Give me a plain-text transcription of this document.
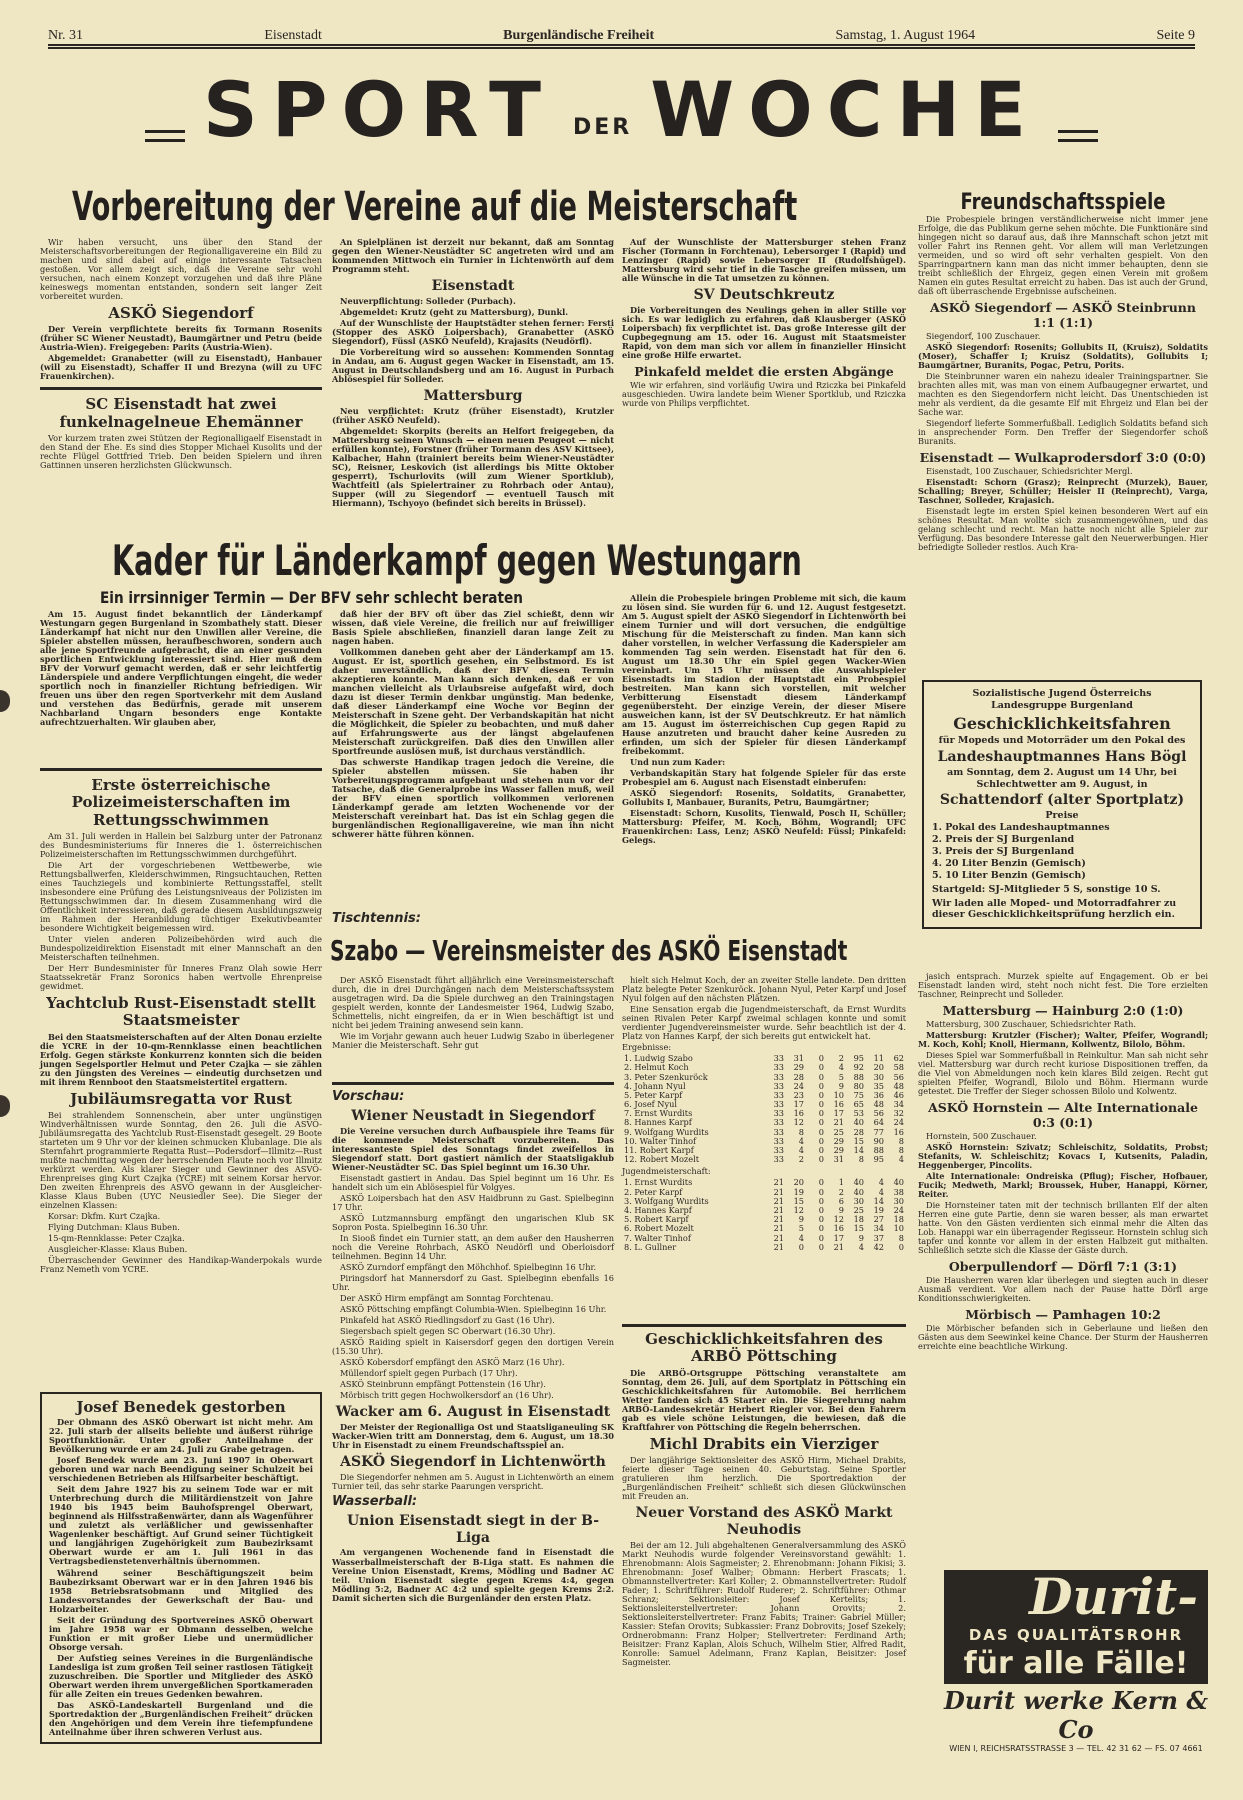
Nr. 31	Eisenstadt	Burgenländische Freiheit	Samstag, 1. August 1964	Seite 9
SPORT DER WOCHE
Vorbereitung der Vereine auf die Meisterschaft

Wir haben versucht, uns über den Stand der Meisterschaftsvorbereitungen der Regionalligavereine ein Bild zu machen und sind dabei auf einige interessante Tatsachen gestoßen. Vor allem zeigt sich, daß die Vereine sehr wohl versuchen, nach einem Konzept vorzugehen und daß ihre Pläne keineswegs momentan entstanden, sondern seit langer Zeit vorbereitet wurden.

ASKÖ Siegendorf

Der Verein verpflichtete bereits fix Tormann Rosenits (früher SC Wiener Neustadt), Baumgärtner und Petru (beide Austria-Wien). Freigegeben: Parits (Austria-Wien).

Abgemeldet: Granabetter (will zu Eisenstadt), Hanbauer (will zu Eisenstadt), Schaffer II und Brezyna (will zu UFC Frauenkirchen).

SC Eisenstadt hat zwei funkelnagelneue Ehemänner

Vor kurzem traten zwei Stützen der Regionalligaelf Eisenstadt in den Stand der Ehe. Es sind dies Stopper Michael Kusolits und der rechte Flügel Gottfried Trieb. Den beiden Spielern und ihren Gattinnen unseren herzlichsten Glückwunsch.

An Spielplänen ist derzeit nur bekannt, daß am Sonntag gegen den Wiener-Neustädter SC angetreten wird und am kommenden Mittwoch ein Turnier in Lichtenwörth auf dem Programm steht.

Eisenstadt

Neuverpflichtung: Solleder (Purbach).

Abgemeldet: Krutz (geht zu Mattersburg), Dunkl.

Auf der Wunschliste der Hauptstädter stehen ferner: Fersti (Stopper des ASKÖ Loipersbach), Granabetter (ASKÖ Siegendorf), Füssl (ASKÖ Neufeld), Krajasits (Neudörfl).

Die Vorbereitung wird so aussehen: Kommenden Sonntag in Andau, am 6. August gegen Wacker in Eisenstadt, am 15. August in Deutschlandsberg und am 16. August in Purbach Ablösespiel für Solleder.

Mattersburg

Neu verpflichtet: Krutz (früher Eisenstadt), Krutzler (früher ASKÖ Neufeld).

Abgemeldet: Skorpits (bereits an Helfort freigegeben, da Mattersburg seinen Wunsch — einen neuen Peugeot — nicht erfüllen konnte), Forstner (früher Tormann des ASV Kittsee), Kalbacher, Hahn (trainiert bereits beim Wiener-Neustädter SC), Reisner, Leskovich (ist allerdings bis Mitte Oktober gesperrt), Tschurlovits (will zum Wiener Sportklub), Wachtfeitl (als Spielertrainer zu Rohrbach oder Antau), Supper (will zu Siegendorf — eventuell Tausch mit Hiermann), Tschyoyo (befindet sich bereits in Brüssel).

Auf der Wunschliste der Mattersburger stehen Franz Fischer (Tormann in Forchtenau), Lebersorger I (Rapid) und Lenzinger (Rapid) sowie Lebersorger II (Rudolfshügel). Mattersburg wird sehr tief in die Tasche greifen müssen, um alle Wünsche in die Tat umsetzen zu können.

SV Deutschkreutz

Die Vorbereitungen des Neulings gehen in aller Stille vor sich. Es war lediglich zu erfahren, daß Klausberger (ASKÖ Loipersbach) fix verpflichtet ist. Das große Interesse gilt der Cupbegegnung am 15. oder 16. August mit Staatsmeister Rapid, von dem man sich vor allem in finanzieller Hinsicht eine große Hilfe erwartet.

Pinkafeld meldet die ersten Abgänge

Wie wir erfahren, sind vorläufig Uwira und Rziczka bei Pinkafeld ausgeschieden. Uwira landete beim Wiener Sportklub, und Rziczka wurde von Philips verpflichtet.

Kader für Länderkampf gegen Westungarn
Ein irrsinniger Termin — Der BFV sehr schlecht beraten

Am 15. August findet bekanntlich der Länderkampf Westungarn gegen Burgenland in Szombathely statt. Dieser Länderkampf hat nicht nur den Unwillen aller Vereine, die Spieler abstellen müssen, heraufbeschworen, sondern auch alle jene Sportfreunde aufgebracht, die an einer gesunden sportlichen Entwicklung interessiert sind. Hier muß dem BFV der Vorwurf gemacht werden, daß er sehr leichtfertig Länderspiele und andere Verpflichtungen eingeht, die weder sportlich noch in finanzieller Richtung befriedigen. Wir freuen uns über den regen Sportverkehr mit dem Ausland und verstehen das Bedürfnis, gerade mit unserem Nachbarland Ungarn besonders enge Kontakte aufrechtzuerhalten. Wir glauben aber,

daß hier der BFV oft über das Ziel schießt, denn wir wissen, daß viele Vereine, die freilich nur auf freiwilliger Basis Spiele abschließen, finanziell daran lange Zeit zu nagen haben.

Vollkommen daneben geht aber der Länderkampf am 15. August. Er ist, sportlich gesehen, ein Selbstmord. Es ist daher unverständlich, daß der BFV diesen Termin akzeptieren konnte. Man kann sich denken, daß er von manchen vielleicht als Urlaubsreise aufgefaßt wird, doch dazu ist dieser Termin denkbar ungünstig. Man bedenke, daß dieser Länderkampf eine Woche vor Beginn der Meisterschaft in Szene geht. Der Verbandskapitän hat nicht die Möglichkeit, die Spieler zu beobachten, und muß daher auf Erfahrungswerte aus der längst abgelaufenen Meisterschaft zurückgreifen. Daß dies den Unwillen aller Sportfreunde auslösen muß, ist durchaus verständlich.

Das schwerste Handikap tragen jedoch die Vereine, die Spieler abstellen müssen. Sie haben ihr Vorbereitungsprogramm aufgebaut und stehen nun vor der Tatsache, daß die Generalprobe ins Wasser fallen muß, weil der BFV einen sportlich vollkommen verlorenen Länderkampf gerade am letzten Wochenende vor der Meisterschaft vereinbart hat. Das ist ein Schlag gegen die burgenländischen Regionalligavereine, wie man ihn nicht schwerer hätte führen können.

Allein die Probespiele bringen Probleme mit sich, die kaum zu lösen sind. Sie wurden für 6. und 12. August festgesetzt. Am 5. August spielt der ASKÖ Siegendorf in Lichtenwörth bei einem Turnier und will dort versuchen, die endgültige Mischung für die Meisterschaft zu finden. Man kann sich daher vorstellen, in welcher Verfassung die Kaderspieler am kommenden Tag sein werden. Eisenstadt hat für den 6. August um 18.30 Uhr ein Spiel gegen Wacker-Wien vereinbart. Um 15 Uhr müssen die Auswahlspieler Eisenstadts im Stadion der Hauptstadt ein Probespiel bestreiten. Man kann sich vorstellen, mit welcher Verbitterung Eisenstadt diesem Länderkampf gegenübersteht. Der einzige Verein, der dieser Misere ausweichen kann, ist der SV Deutschkreutz. Er hat nämlich am 15. August im österreichischen Cup gegen Rapid zu Hause anzutreten und braucht daher keine Ausreden zu erfinden, um sich der Spieler für diesen Länderkampf freibekommt.

Und nun zum Kader:

Verbandskapitän Stary hat folgende Spieler für das erste Probespiel am 6. August nach Eisenstadt einberufen:

ASKÖ Siegendorf: Rosenits, Soldatits, Granabetter, Gollubits I, Manbauer, Buranits, Petru, Baumgärtner;

Eisenstadt: Schorn, Kusolits, Tienwald, Posch II, Schüller; Mattersburg: Pfeifer, M. Koch, Böhm, Wograndl; UFC Frauenkirchen: Lass, Lenz; ASKÖ Neufeld: Füssl; Pinkafeld: Gelegs.

Erste österreichische Polizeimeisterschaften im Rettungsschwimmen

Am 31. Juli werden in Hallein bei Salzburg unter der Patronanz des Bundesministeriums für Inneres die 1. österreichischen Polizeimeisterschaften im Rettungsschwimmen durchgeführt.

Die Art der vorgeschriebenen Wettbewerbe, wie Rettungsballwerfen, Kleiderschwimmen, Ringsuchtauchen, Retten eines Tauchziegels und kombinierte Rettungsstaffel, stellt insbesondere eine Prüfung des Leistungsniveaus der Polizisten im Rettungsschwimmen dar. In diesem Zusammenhang wird die Öffentlichkeit interessieren, daß gerade diesem Ausbildungszweig im Rahmen der Heranbildung tüchtiger Exekutivbeamter besondere Wichtigkeit beigemessen wird.

Unter vielen anderen Polizeibehörden wird auch die Bundespolizeidirektion Eisenstadt mit einer Mannschaft an den Meisterschaften teilnehmen.

Der Herr Bundesminister für Inneres Franz Olah sowie Herr Staatssekretär Franz Soronics haben wertvolle Ehrenpreise gewidmet.

Yachtclub Rust-Eisenstadt stellt Staatsmeister

Bei den Staatsmeisterschaften auf der Alten Donau erzielte die YCRE in der 10-qm-Rennklasse einen beachtlichen Erfolg. Gegen stärkste Konkurrenz konnten sich die beiden jungen Segelsportler Helmut und Peter Czajka — sie zählen zu den Jüngsten des Vereines — eindeutig durchsetzen und mit ihrem Rennboot den Staatsmeistertitel ergattern.

Jubiläumsregatta vor Rust

Bei strahlendem Sonnenschein, aber unter ungünstigen Windverhältnissen wurde Sonntag, den 26. Juli die ASVÖ-Jubiläumsregatta des Yachtclub Rust-Eisenstadt gesegelt. 29 Boote starteten um 9 Uhr vor der kleinen schmucken Klubanlage. Die als Sternfahrt programmierte Regatta Rust—Podersdorf—Illmitz—Rust mußte nachmittag wegen der herrschenden Flaute noch vor Illmitz verkürzt werden. Als klarer Sieger und Gewinner des ASVÖ-Ehrenpreises ging Kurt Czajka (YCRE) mit seinem Korsar hervor. Den zweiten Ehrenpreis des ASVÖ gewann in der Ausgleicher-Klasse Klaus Buben (UYC Neusiedler See). Die Sieger der einzelnen Klassen:

Korsar: Dkfm. Kurt Czajka.

Flying Dutchman: Klaus Buben.

15-qm-Rennklasse: Peter Czajka.

Ausgleicher-Klasse: Klaus Buben.

Überraschender Gewinner des Handikap-Wanderpokals wurde Franz Nemeth vom YCRE.

Josef Benedek gestorben

Der Obmann des ASKÖ Oberwart ist nicht mehr. Am 22. Juli starb der allseits beliebte und äußerst rührige Sportfunktionär. Unter großer Anteilnahme der Bevölkerung wurde er am 24. Juli zu Grabe getragen.

Josef Benedek wurde am 23. Juni 1907 in Oberwart geboren und war nach Beendigung seiner Schulzeit bei verschiedenen Betrieben als Hilfsarbeiter beschäftigt.

Seit dem Jahre 1927 bis zu seinem Tode war er mit Unterbrechung durch die Militärdienstzeit von Jahre 1940 bis 1945 beim Bauhofsprengel Oberwart, beginnend als Hilfsstraßenwärter, dann als Wagenführer und zuletzt als verläßlicher und gewissenhafter Wagenlenker beschäftigt. Auf Grund seiner Tüchtigkeit und langjährigen Zugehörigkeit zum Baubezirksamt Oberwart wurde er am 1. Juli 1961 in das Vertragsbedienstetenverhältnis übernommen.

Während seiner Beschäftigungszeit beim Baubezirksamt Oberwart war er in den Jahren 1946 bis 1958 Betriebsratsobmann und Mitglied des Landesvorstandes der Gewerkschaft der Bau- und Holzarbeiter.

Seit der Gründung des Sportvereines ASKÖ Oberwart im Jahre 1958 war er Obmann desselben, welche Funktion er mit großer Liebe und unermüdlicher Obsorge versah.

Der Aufstieg seines Vereines in die Burgenländische Landesliga ist zum großen Teil seiner rastlosen Tätigkeit zuzuschreiben. Die Sportler und Mitglieder des ASKÖ Oberwart werden ihrem unvergeßlichen Sportkameraden für alle Zeiten ein treues Gedenken bewahren.

Das ASKÖ-Landeskartell Burgenland und die Sportredaktion der „Burgenländischen Freiheit“ drücken den Angehörigen und dem Verein ihre tiefempfundene Anteilnahme über ihren schweren Verlust aus.

Tischtennis:
Szabo — Vereinsmeister des ASKÖ Eisenstadt

Der ASKÖ Eisenstadt führt alljährlich eine Vereinsmeisterschaft durch, die in drei Durchgängen nach dem Meisterschaftssystem ausgetragen wird. Da die Spiele durchweg an den Trainingstagen gespielt werden, konnte der Landesmeister 1964, Ludwig Szabo, Schmettelis, nicht eingreifen, da er in Wien beschäftigt ist und nicht bei jedem Training anwesend sein kann.

Wie im Vorjahr gewann auch heuer Ludwig Szabo in überlegener Manier die Meisterschaft. Sehr gut

hielt sich Helmut Koch, der an zweiter Stelle landete. Den dritten Platz belegte Peter Szenkuröck. Johann Nyul, Peter Karpf und Josef Nyul folgen auf den nächsten Plätzen.

Eine Sensation ergab die Jugendmeisterschaft, da Ernst Wurdits seinen Rivalen Peter Karpf zweimal schlagen konnte und somit verdienter Jugendvereinsmeister wurde. Sehr beachtlich ist der 4. Platz von Hannes Karpf, der sich bereits gut entwickelt hat.

Ergebnisse:

1. Ludwig Szabo	33	31	0	2	95	11	62
2. Helmut Koch	33	29	0	4	92	20	58
3. Peter Szenkuröck	33	28	0	5	88	30	56
4. Johann Nyul	33	24	0	9	80	35	48
5. Peter Karpf	33	23	0	10	75	36	46
6. Josef Nyul	33	17	0	16	65	48	34
7. Ernst Wurdits	33	16	0	17	53	56	32
8. Hannes Karpf	33	12	0	21	40	64	24
9. Wolfgang Wurdits	33	8	0	25	28	77	16
10. Walter Tinhof	33	4	0	29	15	90	8
11. Robert Karpf	33	4	0	29	14	88	8
12. Robert Mozelt	33	2	0	31	8	95	4

Jugendmeisterschaft:

1. Ernst Wurdits	21	20	0	1	40	4	40
2. Peter Karpf	21	19	0	2	40	4	38
3. Wolfgang Wurdits	21	15	0	6	30	14	30
4. Hannes Karpf	21	12	0	9	25	19	24
5. Robert Karpf	21	9	0	12	18	27	18
6. Robert Mozelt	21	5	0	16	15	34	10
7. Walter Tinhof	21	4	0	17	9	37	8
8. L. Gullner	21	0	0	21	4	42	0
Vorschau:
Wiener Neustadt in Siegendorf

Die Vereine versuchen durch Aufbauspiele ihre Teams für die kommende Meisterschaft vorzubereiten. Das interessanteste Spiel des Sonntags findet zweifellos in Siegendorf statt. Dort gastiert nämlich der Staatsligaklub Wiener-Neustädter SC. Das Spiel beginnt um 16.30 Uhr.

Eisenstadt gastiert in Andau. Das Spiel beginnt um 16 Uhr. Es handelt sich um ein Ablösespiel für Volgyes.

ASKÖ Loipersbach hat den ASV Haidbrunn zu Gast. Spielbeginn 17 Uhr.

ASKÖ Lutzmannsburg empfängt den ungarischen Klub SK Sopron Posta. Spielbeginn 16.30 Uhr.

In Siooß findet ein Turnier statt, an dem außer den Hausherren noch die Vereine Rohrbach, ASKÖ Neudörfl und Oberloisdorf teilnehmen. Beginn 14 Uhr.

ASKÖ Zurndorf empfängt den Möhchhof. Spielbeginn 16 Uhr.

Piringsdorf hat Mannersdorf zu Gast. Spielbeginn ebenfalls 16 Uhr.

Der ASKÖ Hirm empfängt am Sonntag Forchtenau.

ASKÖ Pöttsching empfängt Columbia-Wien. Spielbeginn 16 Uhr.

Pinkafeld hat ASKÖ Riedlingsdorf zu Gast (16 Uhr).

Siegersbach spielt gegen SC Oberwart (16.30 Uhr).

ASKÖ Raiding spielt in Kaisersdorf gegen den dortigen Verein (15.30 Uhr).

ASKÖ Kobersdorf empfängt den ASKÖ Marz (16 Uhr).

Müllendorf spielt gegen Purbach (17 Uhr).

ASKÖ Steinbrunn empfängt Pottenstein (16 Uhr).

Mörbisch tritt gegen Hochwolkersdorf an (16 Uhr).

Wacker am 6. August in Eisenstadt

Der Meister der Regionalliga Ost und Staatsliganeuling SK Wacker-Wien tritt am Donnerstag, dem 6. August, um 18.30 Uhr in Eisenstadt zu einem Freundschaftsspiel an.

ASKÖ Siegendorf in Lichtenwörth

Die Siegendorfer nehmen am 5. August in Lichtenwörth an einem Turnier teil, das sehr starke Paarungen verspricht.

Wasserball:
Union Eisenstadt siegt in der B-Liga

Am vergangenen Wochenende fand in Eisenstadt die Wasserballmeisterschaft der B-Liga statt. Es nahmen die Vereine Union Eisenstadt, Krems, Mödling und Badner AC teil. Union Eisenstadt siegte gegen Krems 4:4, gegen Mödling 5:2, Badner AC 4:2 und spielte gegen Krems 2:2. Damit sicherten sich die Burgenländer den ersten Platz.

Geschicklichkeitsfahren des ARBÖ Pöttsching

Die ARBÖ-Ortsgruppe Pöttsching veranstaltete am Sonntag, dem 26. Juli, auf dem Sportplatz in Pöttsching ein Geschicklichkeitsfahren für Automobile. Bei herrlichem Wetter fanden sich 45 Starter ein. Die Siegerehrung nahm ARBÖ-Landessekretär Herbert Riegler vor. Bei den Fahrern gab es viele schöne Leistungen, die bewiesen, daß die Kraftfahrer von Pöttsching die Regeln beherrschen.

Michl Drabits ein Vierziger

Der langjährige Sektionsleiter des ASKÖ Hirm, Michael Drabits, feierte dieser Tage seinen 40. Geburtstag. Seine Sportler gratulieren ihm herzlich. Die Sportredaktion der „Burgenländischen Freiheit“ schließt sich diesen Glückwünschen mit Freuden an.

Neuer Vorstand des ASKÖ Markt Neuhodis

Bei der am 12. Juli abgehaltenen Generalversammlung des ASKÖ Markt Neuhodis wurde folgender Vereinsvorstand gewählt: 1. Ehrenobmann: Alois Sagmeister; 2. Ehrenobmann: Johann Fikisi; 3. Ehrenobmann: Josef Walber; Obmann: Herbert Frascats; 1. Obmannstellvertreter: Karl Koller; 2. Obmannstellvertreter: Rudolf Fader; 1. Schriftführer: Rudolf Ruderer; 2. Schriftführer: Othmar Schranz; Sektionsleiter: Josef Kertelits; 1. Sektionsleiterstellvertreter: Johann Orovits; 2. Sektionsleiterstellvertreter: Franz Fabits; Trainer: Gabriel Müller; Kassier: Stefan Orovits; Subkassier: Franz Dobrovits; Josef Szekely; Ordnerobmann: Franz Holper; Stellvertreter: Ferdinand Arth; Beisitzer: Franz Kaplan, Alois Schuch, Wilhelm Stier, Alfred Radit, Konrolle: Samuel Adelmann, Franz Kaplan, Beisitzer: Josef Sagmeister.

Freundschaftsspiele

Die Probespiele bringen verständlicherweise nicht immer jene Erfolge, die das Publikum gerne sehen möchte. Die Funktionäre sind hingegen nicht so darauf aus, daß ihre Mannschaft schon jetzt mit voller Fahrt ins Rennen geht. Vor allem will man Verletzungen vermeiden, und so wird oft sehr verhalten gespielt. Von den Sparringpartnern kann man das nicht immer behaupten, denn sie treibt schließlich der Ehrgeiz, gegen einen Verein mit großem Namen ein gutes Resultat erreicht zu haben. Das ist auch der Grund, daß oft überraschende Ergebnisse aufscheinen.

ASKÖ Siegendorf — ASKÖ Steinbrunn 1:1 (1:1)

Siegendorf, 100 Zuschauer.

ASKÖ Siegendorf: Rosenits; Gollubits II, (Kruisz), Soldatits (Moser), Schaffer I; Kruisz (Soldatits), Gollubits I; Baumgärtner, Buranits, Pogac, Petru, Porits.

Die Steinbrunner waren ein nahezu idealer Trainingspartner. Sie brachten alles mit, was man von einem Aufbaugegner erwartet, und machten es den Siegendorfern nicht leicht. Das Unentschieden ist mehr als verdient, da die gesamte Elf mit Ehrgeiz und Elan bei der Sache war.

Siegendorf lieferte Sommerfußball. Lediglich Soldatits befand sich in ansprechender Form. Den Treffer der Siegendorfer schoß Buranits.

Eisenstadt — Wulkaprodersdorf 3:0 (0:0)

Eisenstadt, 100 Zuschauer, Schiedsrichter Mergl.

Eisenstadt: Schorn (Grasz); Reinprecht (Murzek), Bauer, Schalling; Breyer, Schüller; Heisler II (Reinprecht), Varga, Taschner, Solleder, Krajasich.

Eisenstadt legte im ersten Spiel keinen besonderen Wert auf ein schönes Resultat. Man wollte sich zusammengewöhnen, und das gelang schlecht und recht. Man hatte noch nicht alle Spieler zur Verfügung. Das besondere Interesse galt den Neuerwerbungen. Hier befriedigte Solleder restlos. Auch Kra-

Sozialistische Jugend Österreichs
Landesgruppe Burgenland
Geschicklichkeitsfahren
für Mopeds und Motorräder um den Pokal des
Landeshauptmannes Hans Bögl
am Sonntag, dem 2. August um 14 Uhr, bei Schlechtwetter am 9. August, in
Schattendorf (alter Sportplatz)
Preise
1. Pokal des Landeshauptmannes
2. Preis der SJ Burgenland
3. Preis der SJ Burgenland
4. 20 Liter Benzin (Gemisch)
5. 10 Liter Benzin (Gemisch)
Startgeld: SJ-Mitglieder 5 S, sonstige 10 S.
Wir laden alle Moped- und Motorradfahrer zu dieser Geschicklichkeitsprüfung herzlich ein.

jasich entsprach. Murzek spielte auf Engagement. Ob er bei Eisenstadt landen wird, steht noch nicht fest. Die Tore erzielten Taschner, Reinprecht und Solleder.

Mattersburg — Hainburg 2:0 (1:0)

Mattersburg, 300 Zuschauer, Schiedsrichter Rath.

Mattersburg: Krutzler (Fischer); Walter, Pfeifer, Wograndl; M. Koch, Kohl; Knoll, Hiermann, Kollwentz, Bilolo, Böhm.

Dieses Spiel war Sommerfußball in Reinkultur. Man sah nicht sehr viel. Mattersburg war durch recht kuriose Dispositionen treffen, da die Viel von Abmeldungen noch kein klares Bild zeigen. Recht gut spielten Pfeifer, Wograndl, Bilolo und Böhm. Hiermann wurde getestet. Die Treffer der Sieger schossen Bilolo und Kolwentz.

ASKÖ Hornstein — Alte Internationale 0:3 (0:1)

Hornstein, 500 Zuschauer.

ASKÖ Hornstein: Szivatz; Schleischitz, Soldatits, Probst; Stefanits, W. Schleischitz; Kovacs I, Kutsenits, Paladin, Heggenberger, Pincolits.

Alte Internationale: Ondreiska (Pflug); Fischer, Hofbauer, Fucik; Medweth, Markl; Broussek, Huber, Hanappi, Körner, Reiter.

Die Hornsteiner taten mit der technisch brillanten Elf der alten Herren eine gute Partie, denn sie waren besser, als man erwartet hatte. Von den Gästen verdienten sich einmal mehr die Alten das Lob. Hanappi war ein überragender Regisseur. Hornstein schlug sich tapfer und konnte vor allem in der ersten Halbzeit gut mithalten. Schließlich setzte sich die Klasse der Gäste durch.

Oberpullendorf — Dörfl 7:1 (3:1)

Die Hausherren waren klar überlegen und siegten auch in dieser Ausmaß verdient. Vor allem nach der Pause hatte Dörfl arge Konditionsschwierigkeiten.

Mörbisch — Pamhagen 10:2

Die Mörbischer befanden sich in Geberlaune und ließen den Gästen aus dem Seewinkel keine Chance. Der Sturm der Hausherren erreichte eine beachtliche Wirkung.

Durit-
DAS QUALITÄTSROHR
für alle Fälle!
Durit werke Kern & Co
WIEN I, REICHSRATSSTRASSE 3 — TEL. 42 31 62 — FS. 07 4661
